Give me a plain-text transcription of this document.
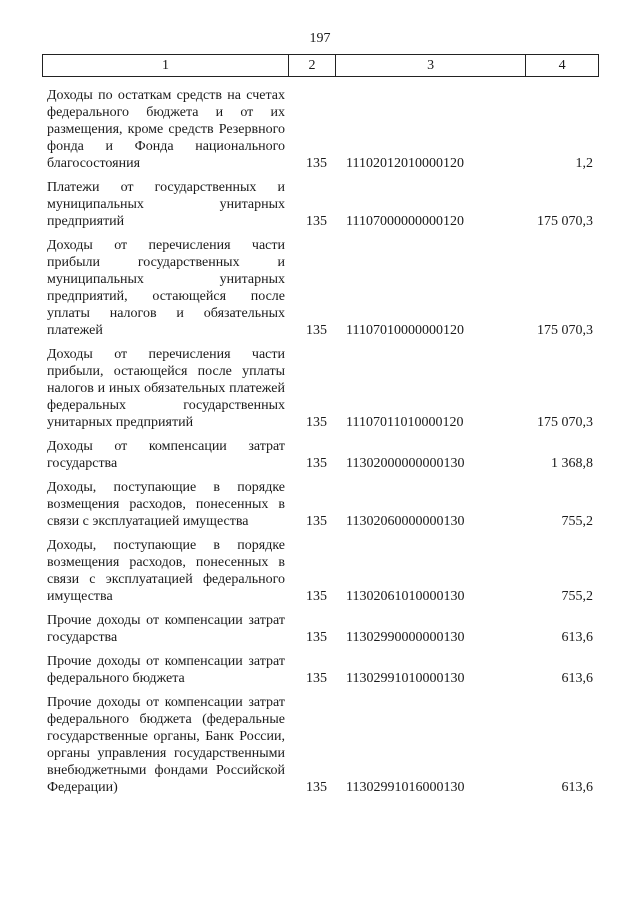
197
1	2	3	4
Доходы по остаткам средств на счетах федерального бюджета и от их размещения, кроме средств Резервного фонда и Фонда национального благосостояния	135 11102012010000120	1,2
Платежи от государственных и муниципальных унитарных предприятий	135 11107000000000120	175 070,3
Доходы от перечисления части прибыли государственных и муниципальных унитарных предприятий, остающейся после уплаты налогов и обязательных платежей	135 11107010000000120	175 070,3
Доходы от перечисления части прибыли, остающейся после уплаты налогов и иных обязательных платежей федеральных государственных унитарных предприятий	135 11107011010000120	175 070,3
Доходы от компенсации затрат государства	135 11302000000000130	1 368,8
Доходы, поступающие в порядке возмещения расходов, понесенных в связи с эксплуатацией имущества	135 11302060000000130	755,2
Доходы, поступающие в порядке возмещения расходов, понесенных в связи с эксплуатацией федерального имущества	135 11302061010000130	755,2
Прочие доходы от компенсации затрат государства	135 11302990000000130	613,6
Прочие доходы от компенсации затрат федерального бюджета	135 11302991010000130	613,6
Прочие доходы от компенсации затрат федерального бюджета (федеральные государственные органы, Банк России, органы управления государственными внебюджетными фондами Российской Федерации)	135 11302991016000130	613,6
